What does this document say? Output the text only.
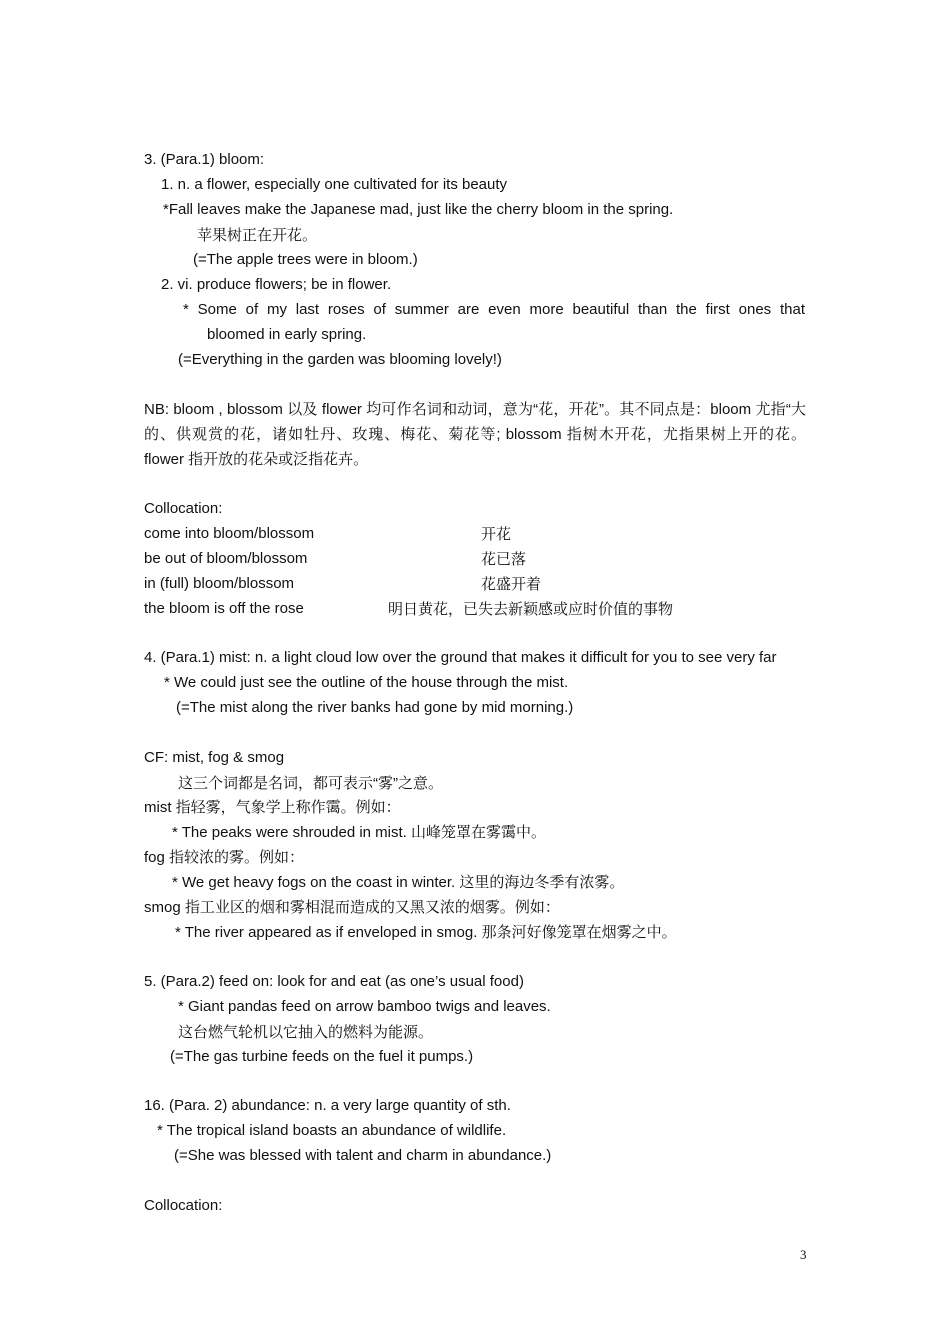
3. (Para.1) bloom:
1. n. a flower, especially one cultivated for its beauty
*Fall leaves make the Japanese mad, just like the cherry bloom in the spring.
苹果树正在开花。
(=The apple trees were in bloom.)
2. vi. produce flowers; be in flower.
* Some of my last roses of summer are even more beautiful than the first ones that
bloomed in early spring.
(=Everything in the garden was blooming lovely!)
NB: bloom , blossom 以及 flower 均可作名词和动词，意为“花，开花”。其不同点是：bloom 尤指“大的、供观赏的花，诸如牡丹、玫瑰、梅花、菊花等; blossom 指树木开花，尤指果树上开的花。flower 指开放的花朵或泛指花卉。
Collocation:
come into bloom/blossom	开花
be out of bloom/blossom	花已落
in (full) bloom/blossom	花盛开着
the bloom is off the rose	明日黄花，已失去新颖感或应时价值的事物
4. (Para.1) mist: n. a light cloud low over the ground that makes it difficult for you to see very far
* We could just see the outline of the house through the mist.
(=The mist along the river banks had gone by mid morning.)
CF: mist, fog & smog
这三个词都是名词，都可表示“雾”之意。
mist 指轻雾，气象学上称作霭。例如：
* The peaks were shrouded in mist. 山峰笼罩在雾霭中。
fog 指较浓的雾。例如：
* We get heavy fogs on the coast in winter. 这里的海边冬季有浓雾。
smog 指工业区的烟和雾相混而造成的又黑又浓的烟雾。例如：
* The river appeared as if enveloped in smog. 那条河好像笼罩在烟雾之中。
5. (Para.2) feed on: look for and eat (as one’s usual food)
* Giant pandas feed on arrow bamboo twigs and leaves.
这台燃气轮机以它抽入的燃料为能源。
(=The gas turbine feeds on the fuel it pumps.)
16. (Para. 2) abundance: n. a very large quantity of sth.
* The tropical island boasts an abundance of wildlife.
(=She was blessed with talent and charm in abundance.)
Collocation:
3
